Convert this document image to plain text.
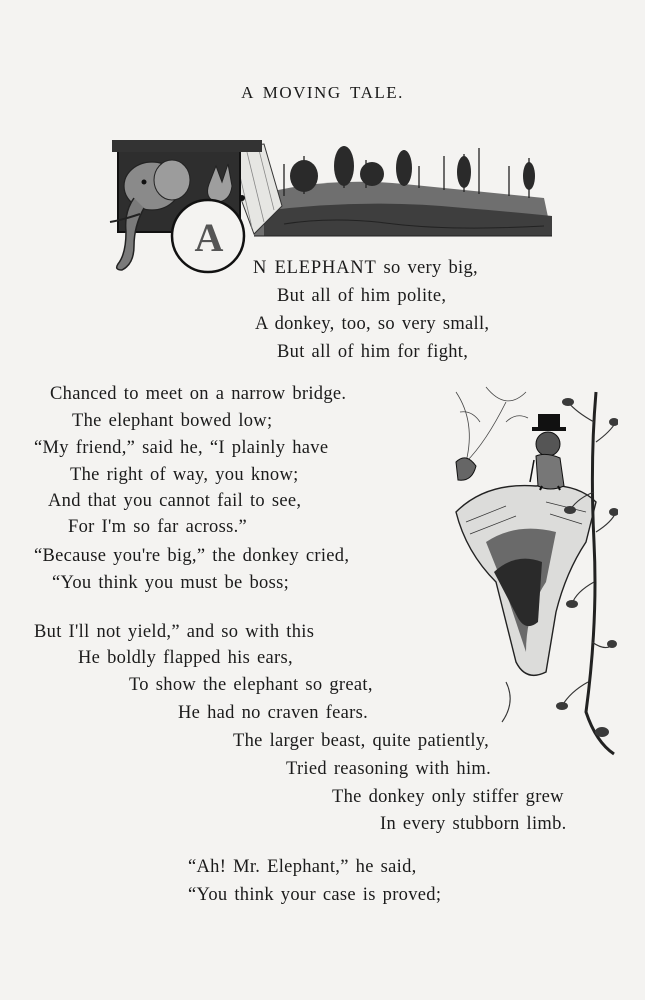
A MOVING TALE.
A
N ELEPHANT so very big,
But all of him polite,
A donkey, too, so very small,
But all of him for fight,
Chanced to meet on a narrow bridge.
The elephant bowed low;
“My friend,” said he, “I plainly have
The right of way, you know;
And that you cannot fail to see,
For I'm so far across.”
“Because you're big,” the donkey cried,
“You think you must be boss;
But I'll not yield,” and so with this
He boldly flapped his ears,
To show the elephant so great,
He had no craven fears.
The larger beast, quite patiently,
Tried reasoning with him.
The donkey only stiffer grew
In every stubborn limb.
“Ah! Mr. Elephant,” he said,
“You think your case is proved;
